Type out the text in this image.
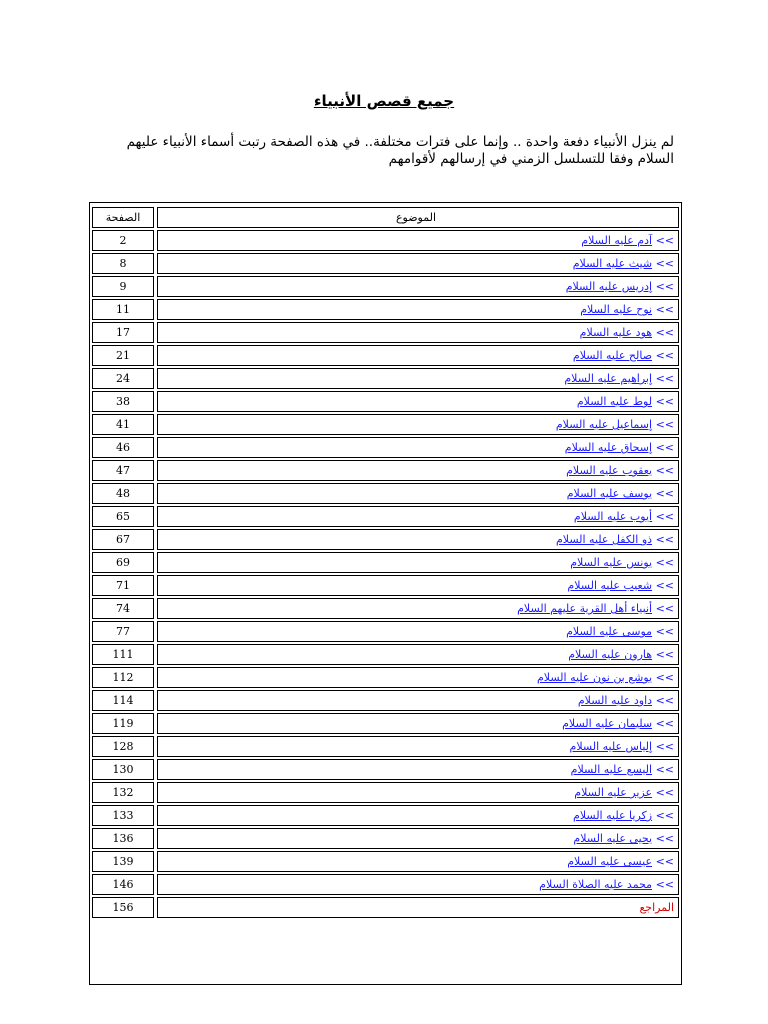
جميع قصص الأنبياء
لم ينزل الأنبياء دفعة واحدة .. وإنما على فترات مختلفة.. في هذه الصفحة رتبت أسماء الأنبياء عليهم السلام وفقا للتسلسل الزمني في إرسالهم لأقوامهم
الموضوع		الصفحة
>> آدم عليه السلام		2
>> شيث عليه السلام		8
>> إدريس عليه السلام		9
>> نوح عليه السلام		11
>> هود عليه السلام		17
>> صالح عليه السلام		21
>> إبراهيم عليه السلام		24
>> لوط عليه السلام		38
>> إسماعيل عليه السلام		41
>> إسحاق عليه السلام		46
>> يعقوب عليه السلام		47
>> يوسف عليه السلام		48
>> أيوب عليه السلام		65
>> ذو الكفل عليه السلام		67
>> يونس عليه السلام		69
>> شعيب عليه السلام		71
>> أنبياء أهل القرية عليهم السلام		74
>> موسى عليه السلام		77
>> هارون عليه السلام		111
>> يوشع بن نون عليه السلام		112
>> داود عليه السلام		114
>> سليمان عليه السلام		119
>> إلياس عليه السلام		128
>> اليسع عليه السلام		130
>> عزير عليه السلام		132
>> زكريا عليه السلام		133
>> يحيى عليه السلام		136
>> عيسى عليه السلام		139
>> محمد عليه الصلاة السلام		146
المراجع		156
